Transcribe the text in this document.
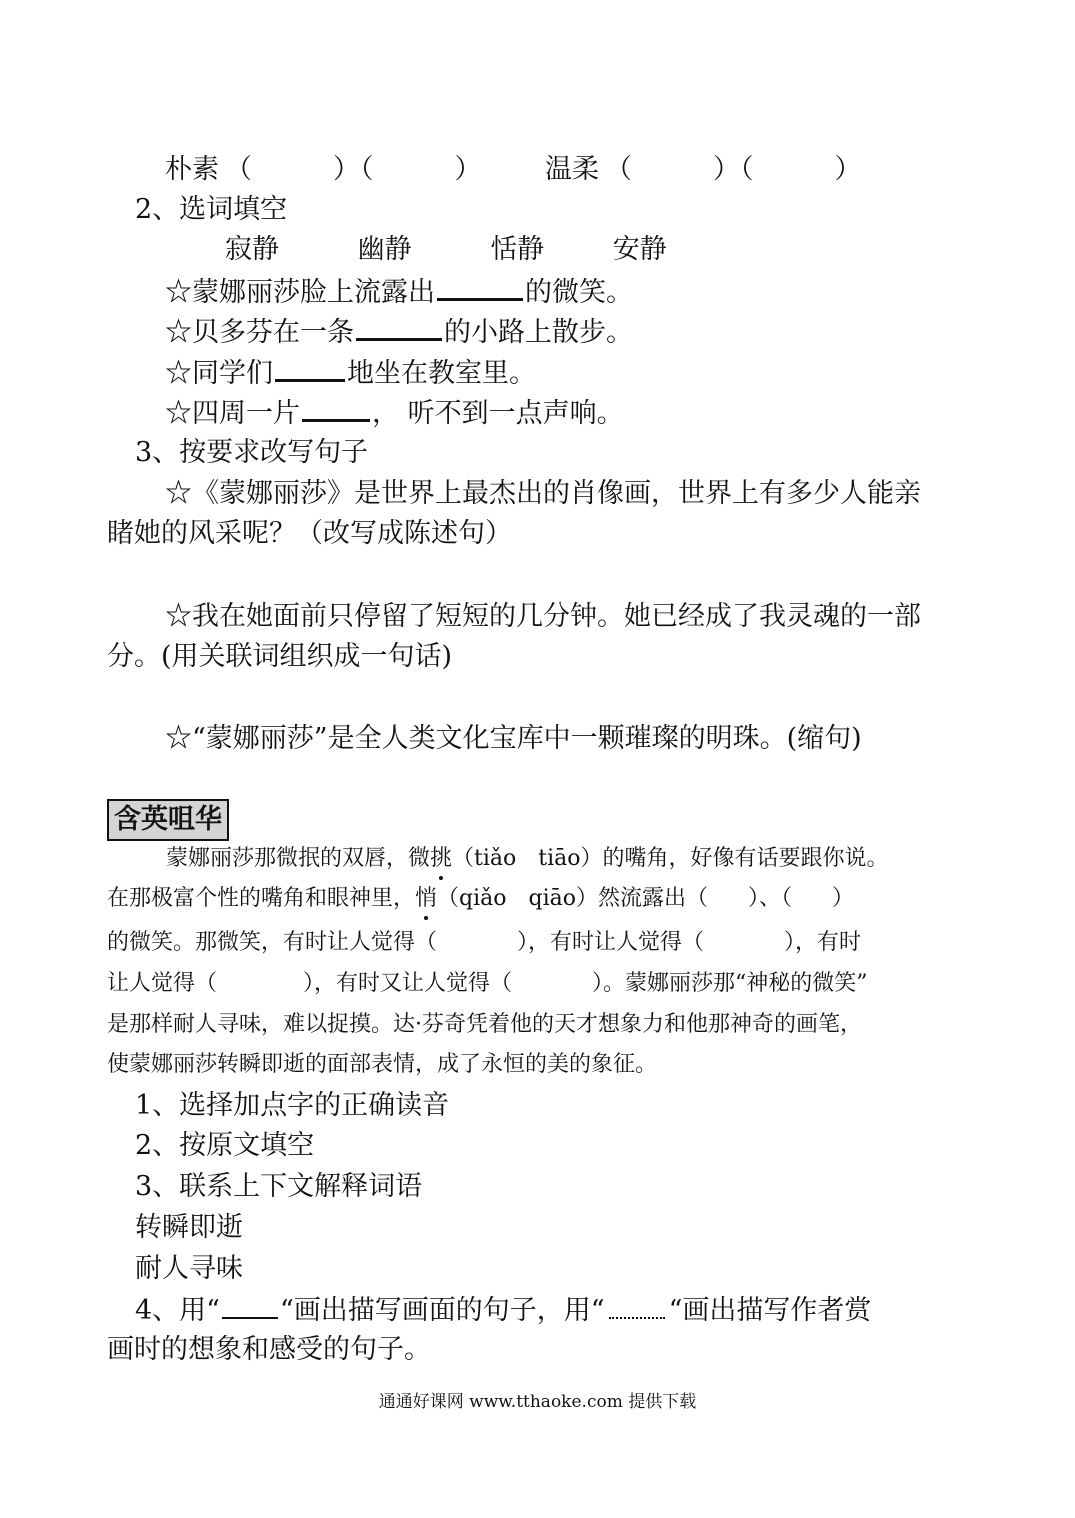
朴素 （　　　）（　　　） 温柔 （　　　）（　　　）
2、选词填空
寂静	幽静	恬静	安静
☆蒙娜丽莎脸上流露出	的微笑。
☆贝多芬在一条	的小路上散步。
☆同学们	地坐在教室里。
☆四周一片	， 听不到一点声响。
3、按要求改写句子
☆《蒙娜丽莎》是世界上最杰出的肖像画，世界上有多少人能亲
睹她的风采呢？（改写成陈述句）
☆我在她面前只停留了短短的几分钟。她已经成了我灵魂的一部
分。(用关联词组织成一句话)
☆“蒙娜丽莎”是全人类文化宝库中一颗璀璨的明珠。(缩句)
含英咀华
蒙娜丽莎那微抿的双唇，微挑（tiǎo　tiāo）的嘴角，好像有话要跟你说。
在那极富个性的嘴角和眼神里，悄（qiǎo　qiāo）然流露出（ ）、（ ）
的微笑。那微笑，有时让人觉得（	），有时让人觉得（	），有时
让人觉得（	），有时又让人觉得（	）。蒙娜丽莎那“神秘的微笑”
是那样耐人寻味，难以捉摸。达·芬奇凭着他的天才想象力和他那神奇的画笔，
使蒙娜丽莎转瞬即逝的面部表情，成了永恒的美的象征。
1、选择加点字的正确读音
2、按原文填空
3、联系上下文解释词语
转瞬即逝
耐人寻味
4、用“ “画出描写画面的句子，用“ “画出描写作者赏
画时的想象和感受的句子。
通通好课网 www.tthaoke.com 提供下载
